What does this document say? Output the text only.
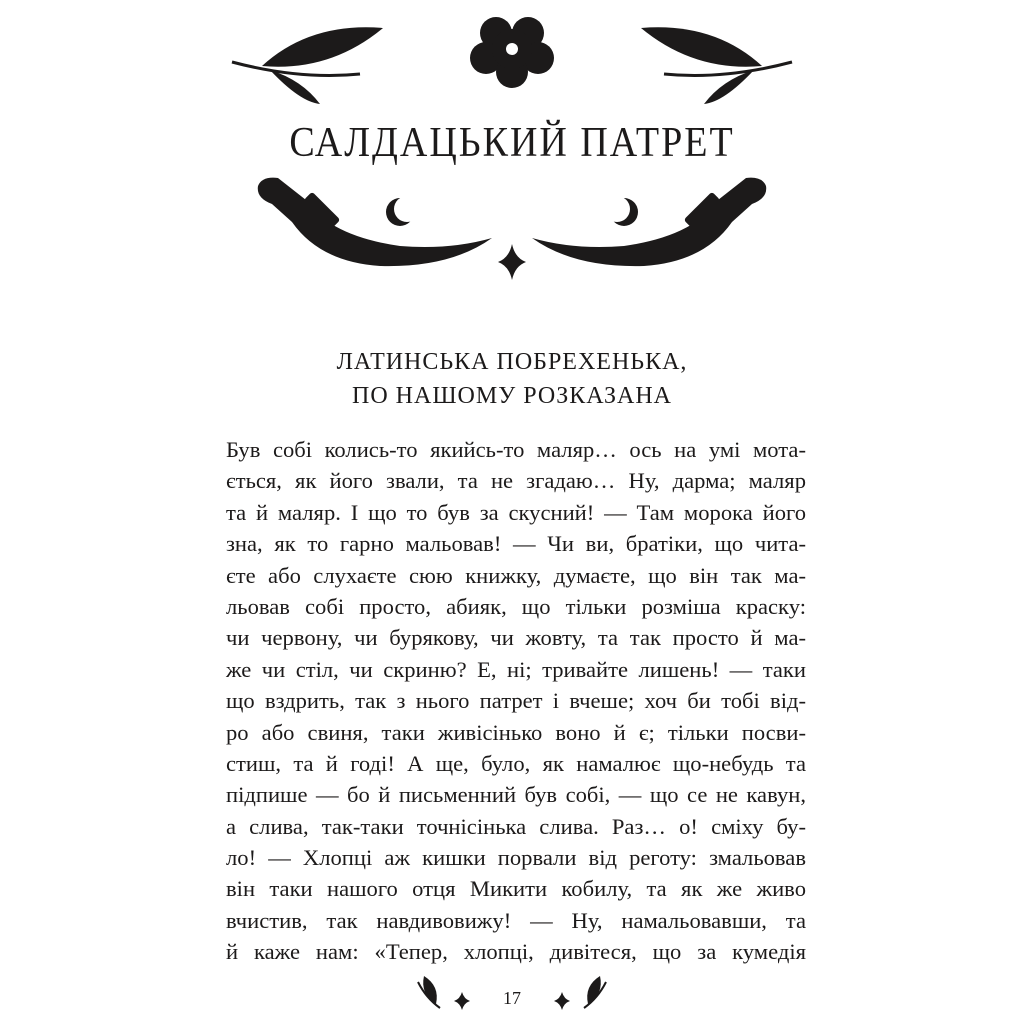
САЛДАЦЬКИЙ ПАТРЕТ
ЛАТИНСЬКА ПОБРЕХЕНЬКА,
ПО НАШОМУ РОЗКАЗАНА
Був собі колись-то якийсь-то маляр… ось на умі мота-
ється, як його звали, та не згадаю… Ну, дарма; маляр
та й маляр. І що то був за скусний! — Там морока його
зна, як то гарно мальовав! — Чи ви, братіки, що чита-
єте або слухаєте сюю книжку, думаєте, що він так ма-
льовав собі просто, абияк, що тільки розміша краску:
чи червону, чи бурякову, чи жовту, та так просто й ма-
же чи стіл, чи скриню? Е, ні; тривайте лишень! — таки
що вздрить, так з нього патрет і вчеше; хоч би тобі від-
ро або свиня, таки живісінько воно й є; тільки посви-
стиш, та й годі! А ще, було, як намалює що-небудь та
підпише — бо й письменний був собі, — що се не кавун,
а слива, так-таки точнісінька слива. Раз… о! сміху бу-
ло! — Хлопці аж кишки порвали від реготу: змальовав
він таки нашого отця Микити кобилу, та як же живо
вчистив, так навдивовижу! — Ну, намальовавши, та
й каже нам: «Тепер, хлопці, дивітеся, що за кумедія
17
